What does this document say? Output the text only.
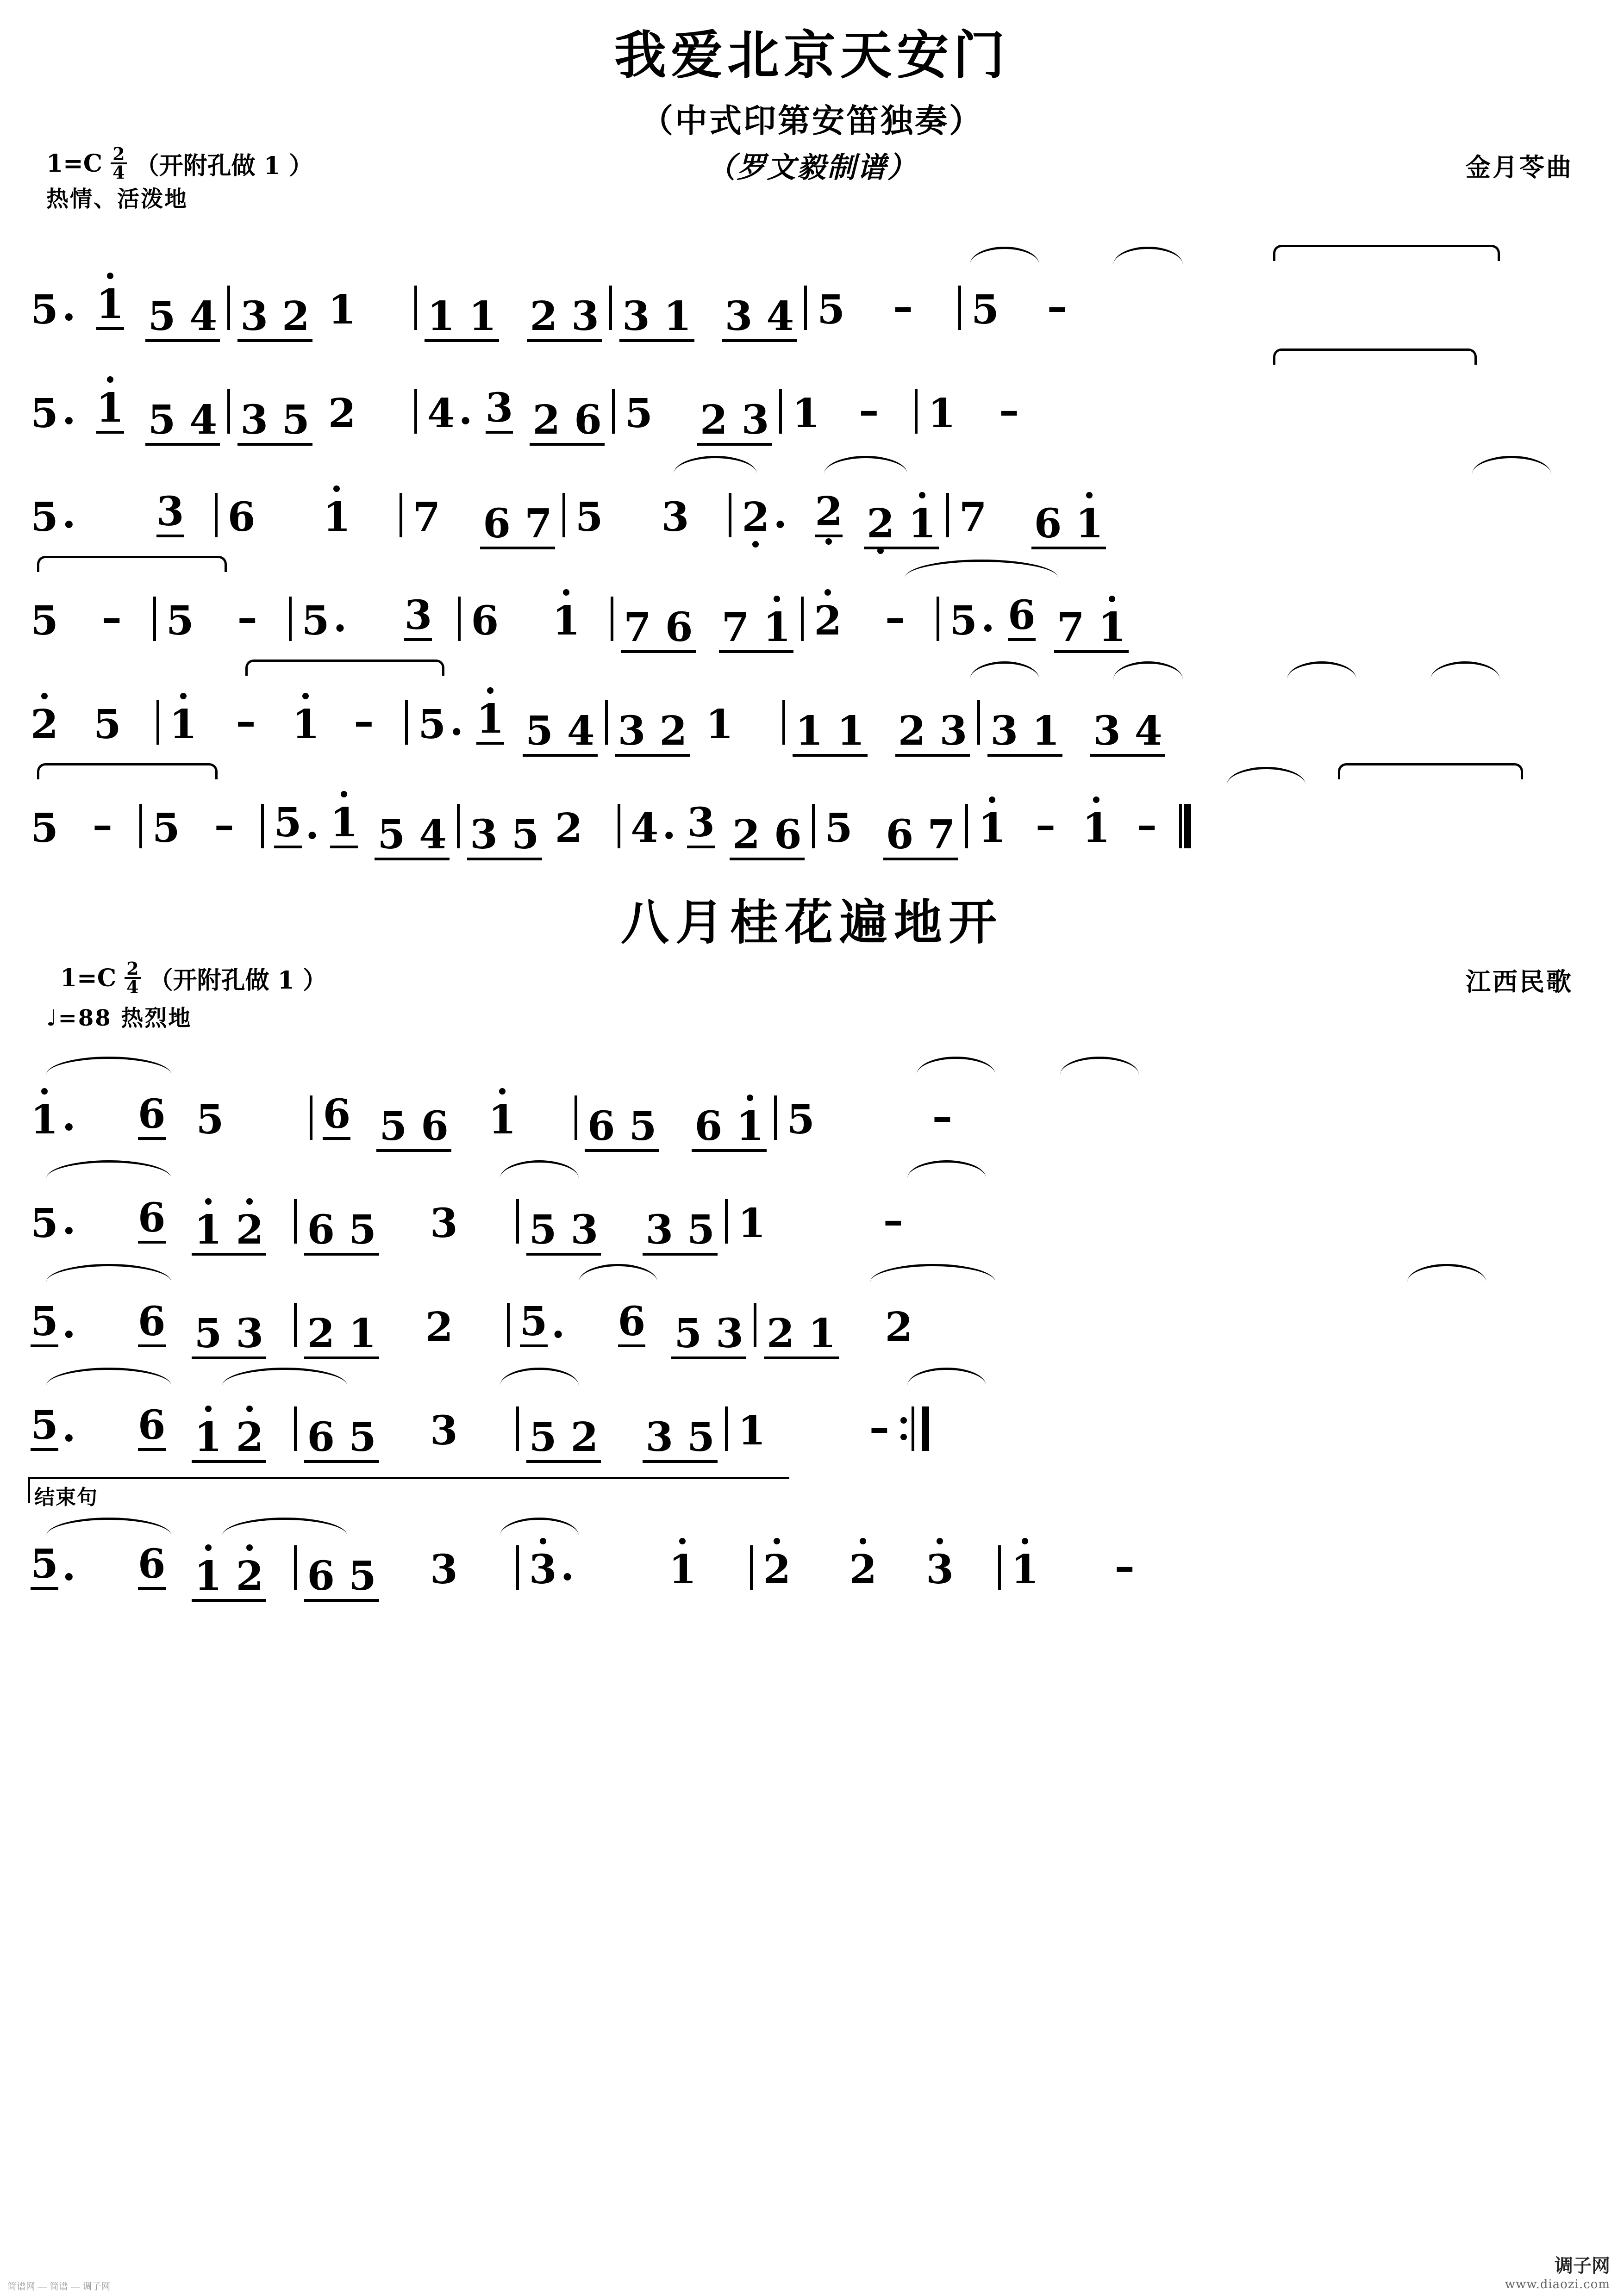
我爱北京天安门
（中式印第安笛独奏）
（罗文毅制谱）
$1=C \frac{2}{4}$ （开附孔做 1 ）	金月苓曲
热情、活泼地
5 . 1 5 4 3 2 1 1 1 2 3 3 1 3 4 5 – 5 –
5 . 1 5 4 3 5 2 4 . 3 2 6 5 2 3 1 – 1 –
5 .	3 6	1 7 6 7 5	3 2 . 2 2 1 7 6 1
5 – 5 – 5 .	3 6	1 7 6 7 1 2 – 5 . 6 7 1
2 5 1 – 1 – 5 . 1 5 4 3 2 1 1 1 2 3 3 1 3 4
5 – 5 – 5 . 1 5 4 3 5 2 4 . 3 2 6 5 6 7 1 – 1 –
八月桂花遍地开
$1=C \frac{2}{4}$ （开附孔做 1 ）	江西民歌
♩=88 热烈地
1 .	6 5 6 5 6	1 6 5 6 1 5	–
5 .	6 1 2 6 5	3 5 3 3 5 1	–
5 .	6 5 3 2 1	2 5 .	6 5 3 2 1	2
5 .	6 1 2 6 5	3 5 2 3 5 1	–
结束句
5 .	6 1 2 6 5	3 3 .	1 2	2	3 1 –
简谱网 — 简谱 — 调子网
调子网
www.diaozi.com
